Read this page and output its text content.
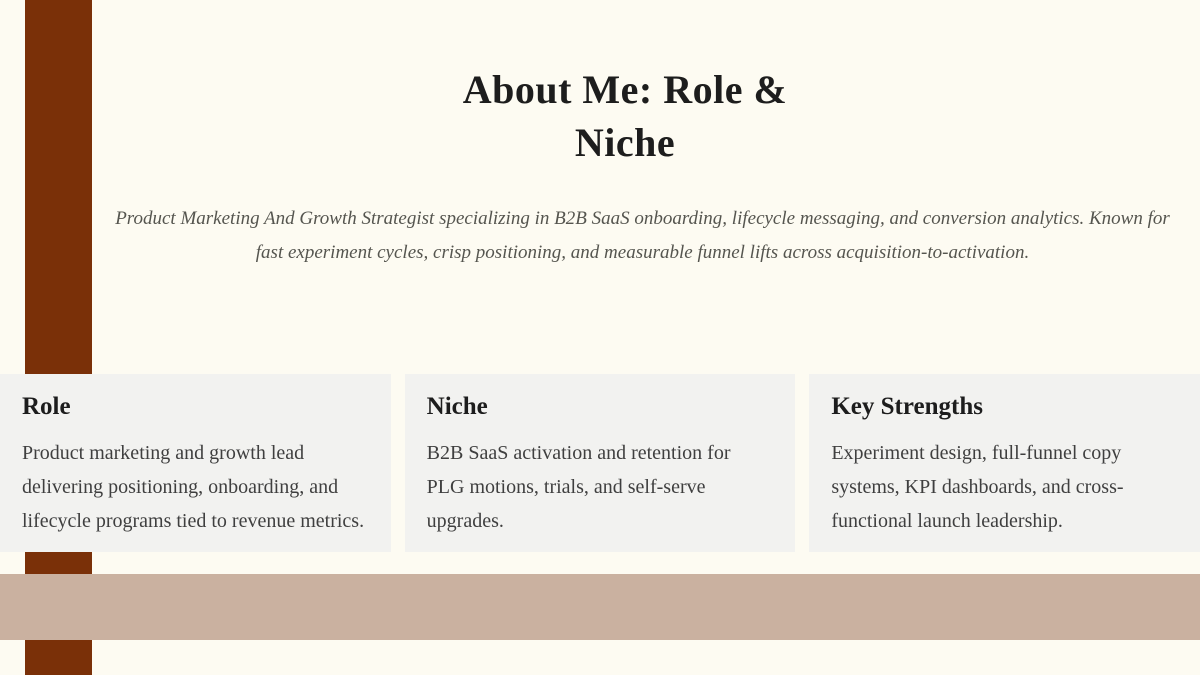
About Me: Role &
Niche

Product Marketing And Growth Strategist specializing in B2B SaaS onboarding, lifecycle messaging, and conversion analytics. Known for fast experiment cycles, crisp positioning, and measurable funnel lifts across acquisition-to-activation.

Role
Product marketing and growth lead delivering positioning, onboarding, and lifecycle programs tied to revenue metrics.
Niche
B2B SaaS activation and retention for PLG motions, trials, and self-serve upgrades.
Key Strengths
Experiment design, full-funnel copy systems, KPI dashboards, and cross-functional launch leadership.
